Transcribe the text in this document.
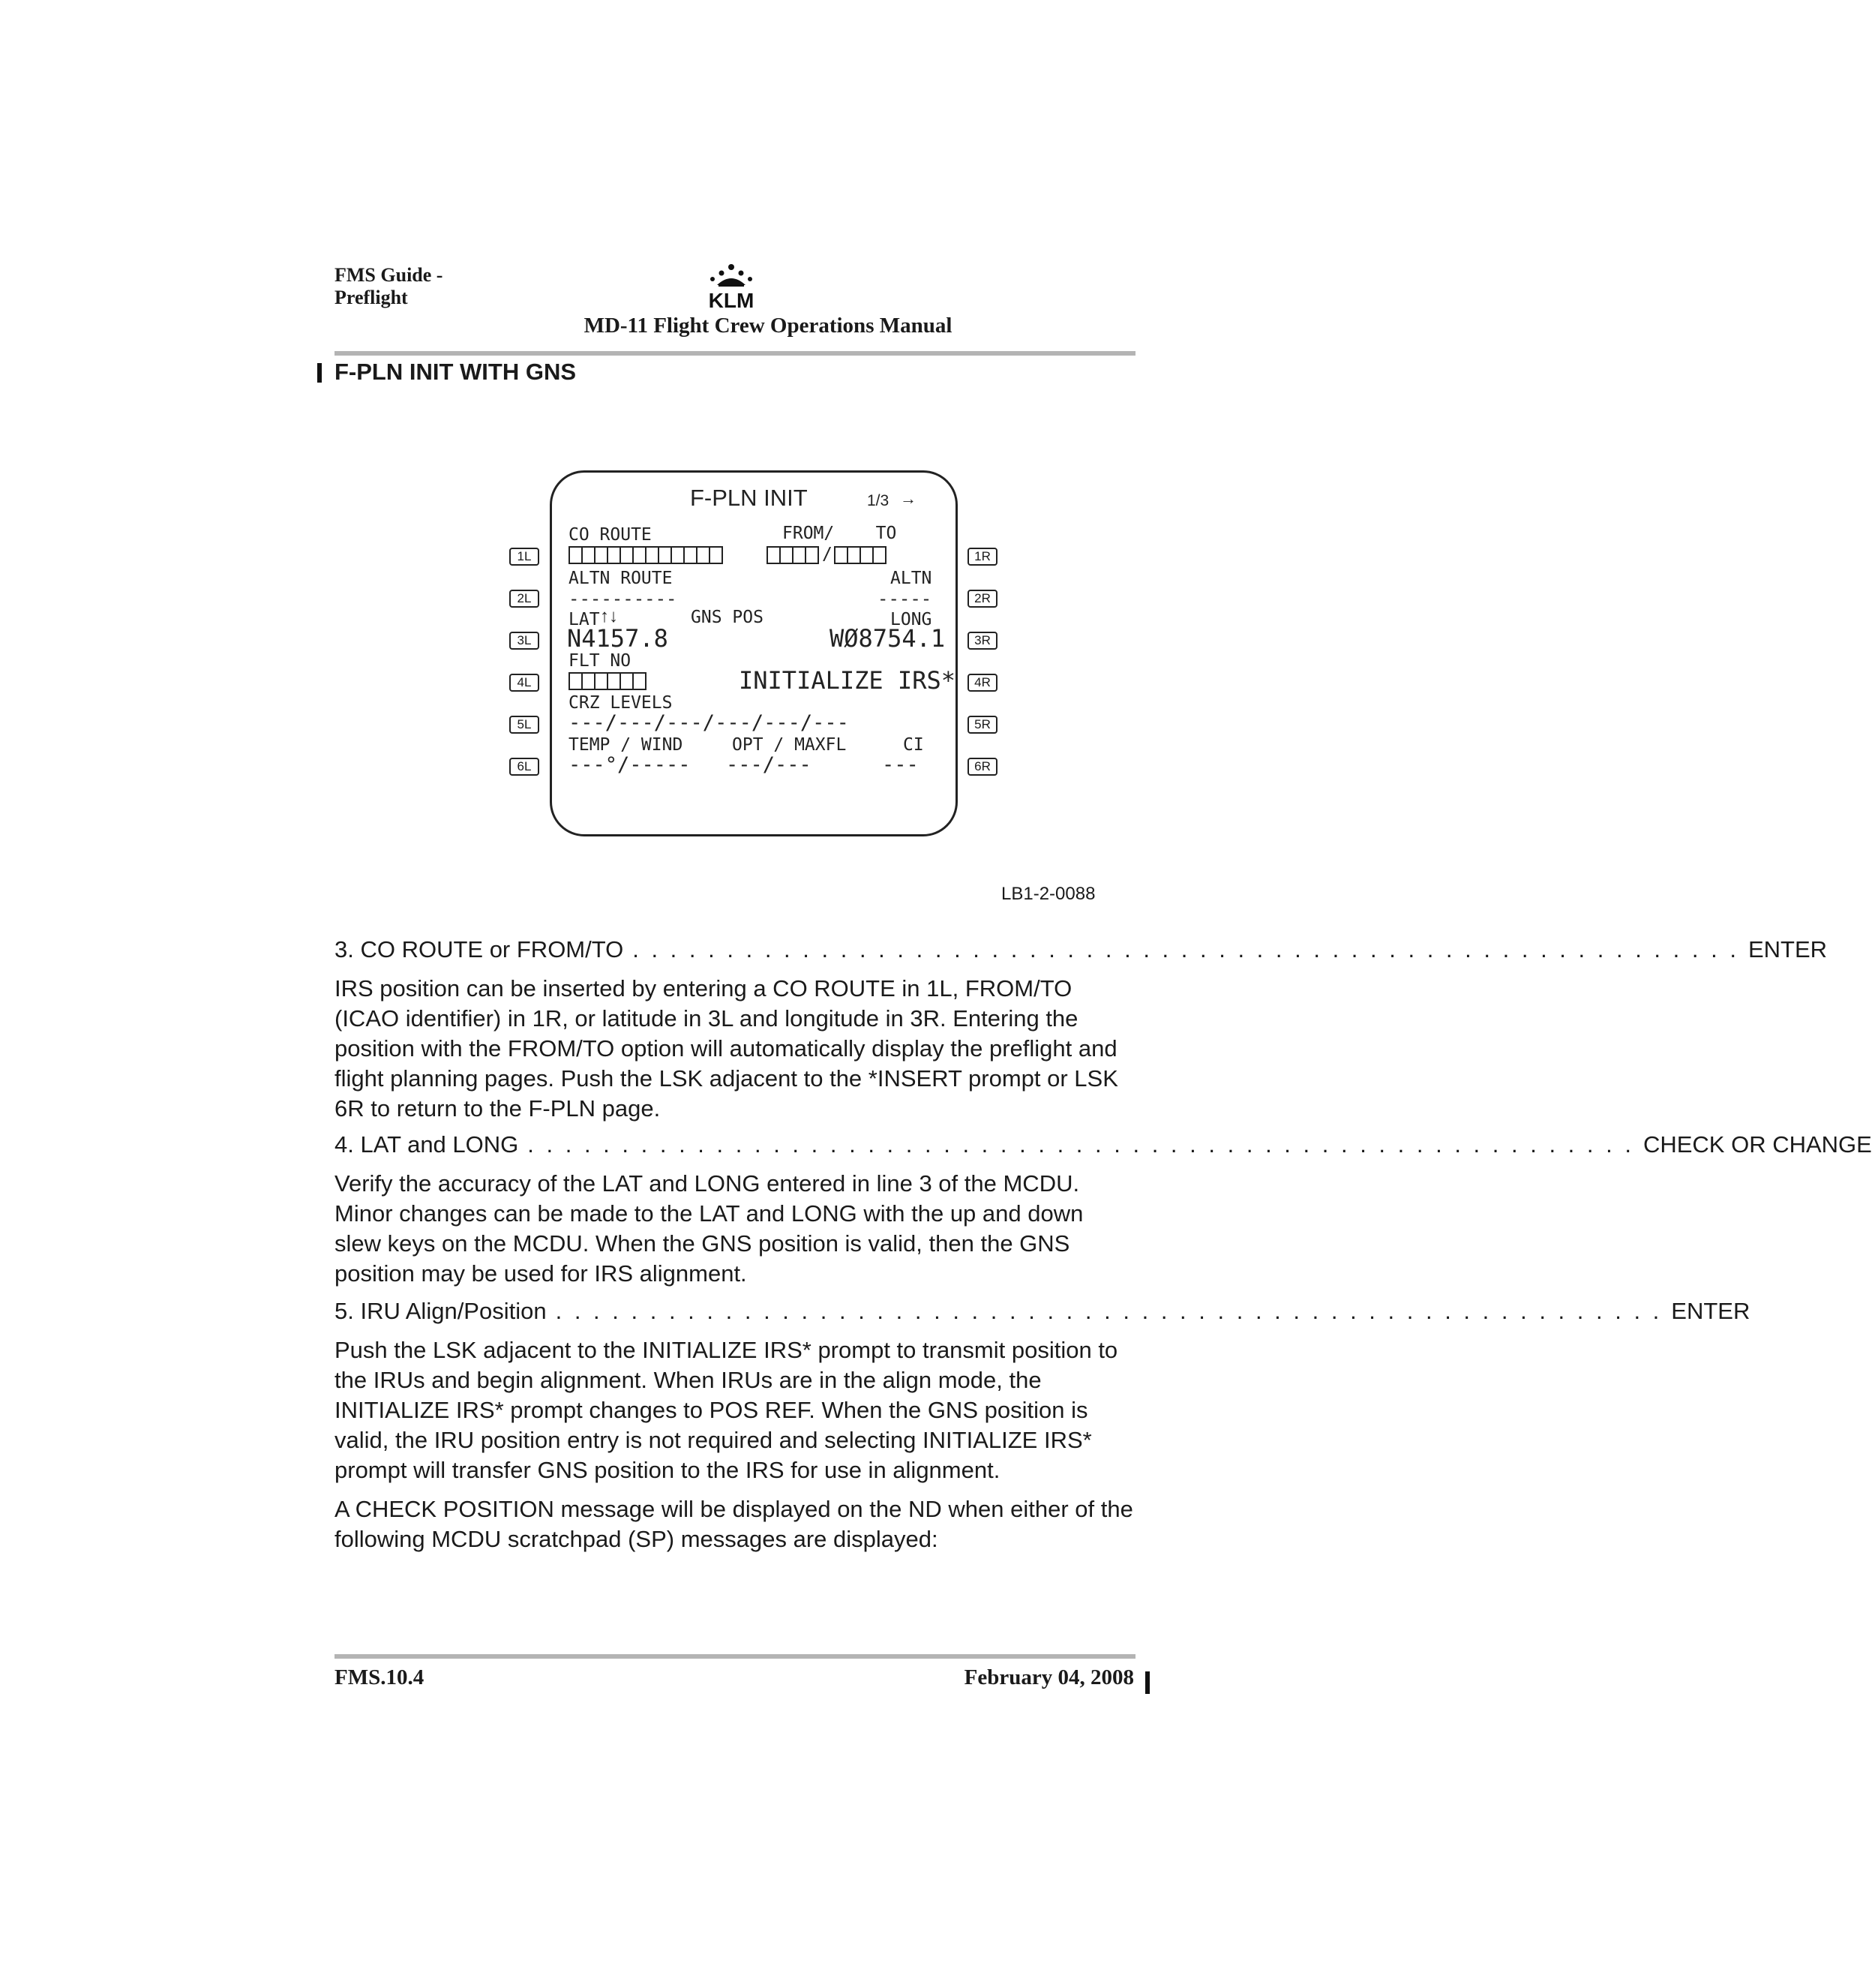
FMS Guide -
Preflight	KLM
MD-11 Flight Crew Operations Manual
F-PLN INIT WITH GNS
1L
2L
3L
4L
5L
6L
1R
2R
3R
4R
5R
6R
F-PLN INIT	1/3 →
CO ROUTE	FROM/    TO
/
ALTN ROUTE	ALTN
----------	-----
LAT ↑↓	GNS POS	LONG
N4157.8	WØ8754.1
FLT NO
INITIALIZE IRS*
CRZ LEVELS
---/---/---/---/---/---
TEMP / WIND	OPT / MAXFL	CI
---°/----- ---/---	---
LB1-2-0088
3. CO ROUTE or FROM/TO . . . . . . . . . . . . . . . . . . . . . . . . . . . . . . . . . . . . . . . . . . . . . . . . . . . . . . . . . . . ENTER

IRS position can be inserted by entering a CO ROUTE in 1L, FROM/TO (ICAO identifier) in 1R, or latitude in 3L and longitude in 3R. Entering the position with the FROM/TO option will automatically display the preflight and flight planning pages. Push the LSK adjacent to the *INSERT prompt or LSK 6R to return to the F-PLN page.

4. LAT and LONG . . . . . . . . . . . . . . . . . . . . . . . . . . . . . . . . . . . . . . . . . . . . . . . . . . . . . . . . . . . CHECK OR CHANGE

Verify the accuracy of the LAT and LONG entered in line 3 of the MCDU. Minor changes can be made to the LAT and LONG with the up and down slew keys on the MCDU. When the GNS position is valid, then the GNS position may be used for IRS alignment.

5. IRU Align/Position . . . . . . . . . . . . . . . . . . . . . . . . . . . . . . . . . . . . . . . . . . . . . . . . . . . . . . . . . . . ENTER

Push the LSK adjacent to the INITIALIZE IRS* prompt to transmit position to the IRUs and begin alignment. When IRUs are in the align mode, the INITIALIZE IRS* prompt changes to POS REF. When the GNS position is valid, the IRU position entry is not required and selecting INITIALIZE IRS* prompt will transfer GNS position to the IRS for use in alignment.

A CHECK POSITION message will be displayed on the ND when either of the following MCDU scratchpad (SP) messages are displayed:

FMS.10.4	February 04, 2008
